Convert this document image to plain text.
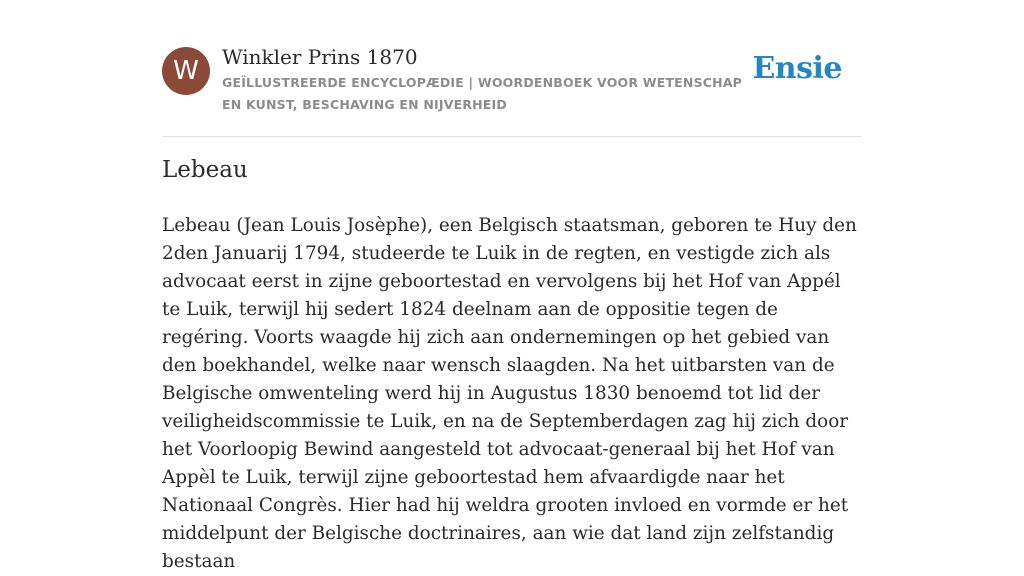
W	Winkler Prins 1870

GEÏLLUSTREERDE ENCYCLOPÆDIE | WOORDENBOEK VOOR WETENSCHAP EN KUNST, BESCHAVING EN NIJVERHEID

Ensie
Lebeau

Lebeau (Jean Louis Josèphe), een Belgisch staatsman, geboren te Huy den 2den Januarij 1794, studeerde te Luik in de regten, en vestigde zich als advocaat eerst in zijne geboortestad en vervolgens bij het Hof van Appél te Luik, terwijl hij sedert 1824 deelnam aan de oppositie tegen de regéring. Voorts waagde hij zich aan ondernemingen op het gebied van den boekhandel, welke naar wensch slaagden. Na het uitbarsten van de Belgische omwenteling werd hij in Augustus 1830 benoemd tot lid der veiligheidscommissie te Luik, en na de Septemberdagen zag hij zich door het Voorloopig Bewind aangesteld tot advocaat-generaal bij het Hof van Appèl te Luik, terwijl zijne geboortestad hem afvaardigde naar het Nationaal Congrès. Hier had hij weldra grooten invloed en vormde er het middelpunt der Belgische doctrinaires, aan wie dat land zijn zelfstandig bestaan
